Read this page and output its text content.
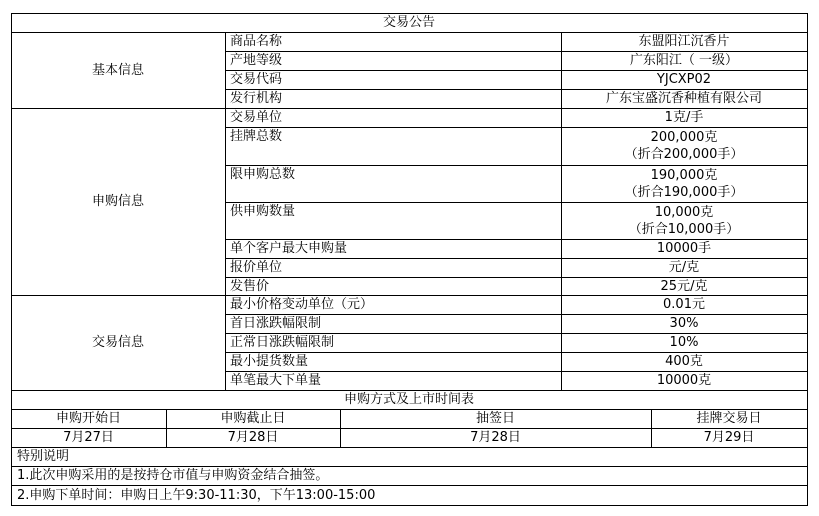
交易公告
基本信息
商品名称	东盟阳江沉香片
产地等级	广东阳江（ 一级）
交易代码	YJCXP02
发行机构	广东宝盛沉香种植有限公司
申购信息
交易单位	1克/手
挂牌总数	200,000克
（折合200,000手）
限申购总数	190,000克
（折合190,000手）
供申购数量	10,000克
（折合10,000手）
单个客户最大申购量	10000手
报价单位	元/克
发售价	25元/克
交易信息
最小价格变动单位（元）	0.01元
首日涨跌幅限制	30%
正常日涨跌幅限制	10%
最小提货数量	400克
单笔最大下单量	10000克
申购方式及上市时间表
申购开始日	申购截止日	抽签日	挂牌交易日
7月27日	7月28日	7月28日	7月29日
特别说明
1.此次申购采用的是按持仓市值与申购资金结合抽签。
2.申购下单时间：申购日上午9:30-11:30，下午13:00-15:00
